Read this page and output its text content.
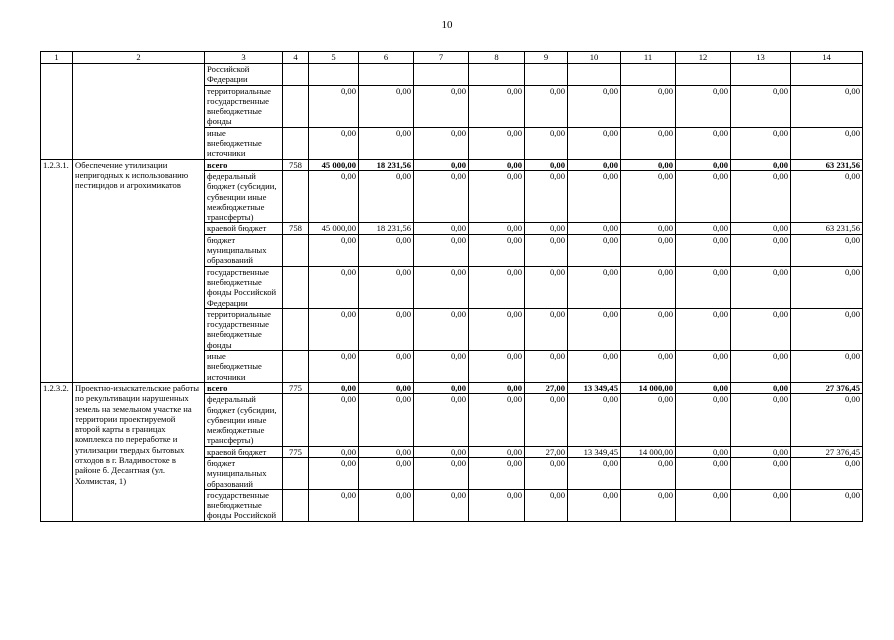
10
1	2	3	4	5	6	7	8	9	10	11	12	13	14
		Российской Федерации											
		территориальные государственные внебюджетные фонды		0,00	0,00	0,00	0,00	0,00	0,00	0,00	0,00	0,00	0,00
		иные внебюджетные источники		0,00	0,00	0,00	0,00	0,00	0,00	0,00	0,00	0,00	0,00
1.2.3.1.	Обеспечение утилизации непригодных к использованию пестицидов и агрохимикатов	всего	758	45 000,00	18 231,56	0,00	0,00	0,00	0,00	0,00	0,00	0,00	63 231,56
		федеральный бюджет (субсидии, субвенции иные межбюджетные трансферты)		0,00	0,00	0,00	0,00	0,00	0,00	0,00	0,00	0,00	0,00
		краевой бюджет	758	45 000,00	18 231,56	0,00	0,00	0,00	0,00	0,00	0,00	0,00	63 231,56
		бюджет муниципальных образований		0,00	0,00	0,00	0,00	0,00	0,00	0,00	0,00	0,00	0,00
		государственные внебюджетные фонды Российской Федерации		0,00	0,00	0,00	0,00	0,00	0,00	0,00	0,00	0,00	0,00
		территориальные государственные внебюджетные фонды		0,00	0,00	0,00	0,00	0,00	0,00	0,00	0,00	0,00	0,00
		иные внебюджетные источники		0,00	0,00	0,00	0,00	0,00	0,00	0,00	0,00	0,00	0,00
1.2.3.2.	Проектно-изыскательские работы по рекультивации нарушенных земель на земельном участке на территории проектируемой второй карты в границах комплекса по переработке и утилизации твердых бытовых отходов в г. Владивостоке в районе б. Десантная (ул. Холмистая, 1)	всего	775	0,00	0,00	0,00	0,00	27,00	13 349,45	14 000,00	0,00	0,00	27 376,45
		федеральный бюджет (субсидии, субвенции иные межбюджетные трансферты)		0,00	0,00	0,00	0,00	0,00	0,00	0,00	0,00	0,00	0,00
		краевой бюджет	775	0,00	0,00	0,00	0,00	27,00	13 349,45	14 000,00	0,00	0,00	27 376,45
		бюджет муниципальных образований		0,00	0,00	0,00	0,00	0,00	0,00	0,00	0,00	0,00	0,00
		государственные внебюджетные фонды Российской		0,00	0,00	0,00	0,00	0,00	0,00	0,00	0,00	0,00	0,00
